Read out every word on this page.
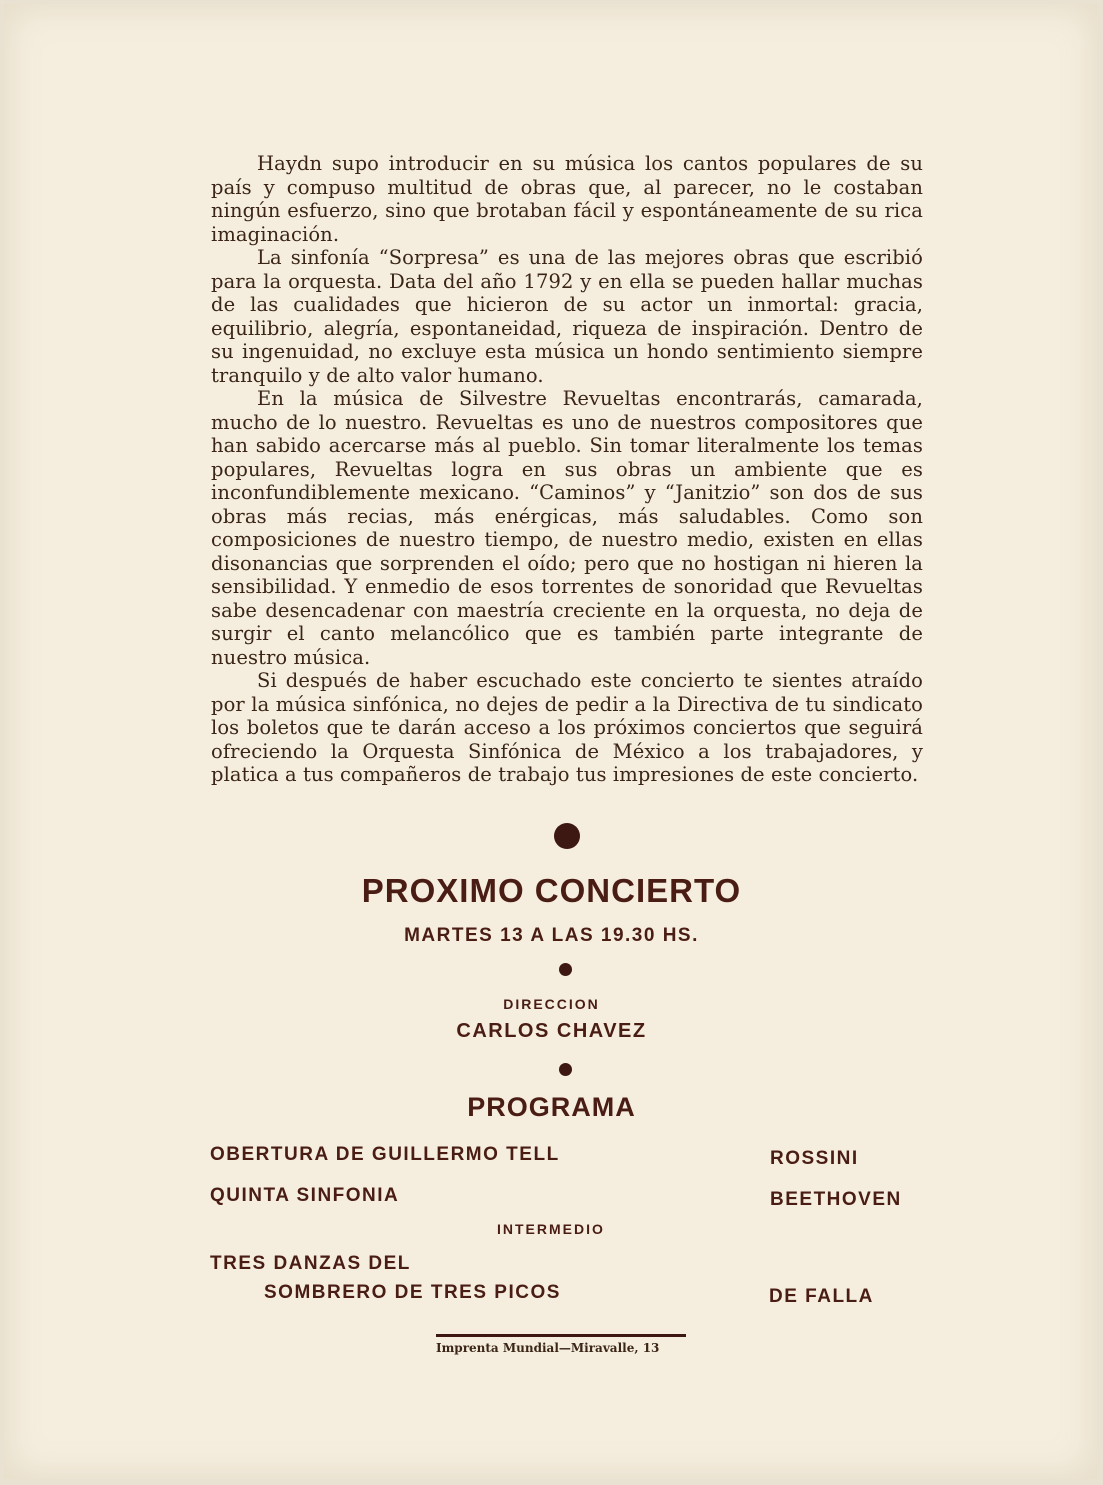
Haydn supo introducir en su música los cantos populares de su país y compuso multitud de obras que, al parecer, no le costaban ningún esfuerzo, sino que brotaban fácil y espontáneamente de su rica imaginación.

La sinfonía “Sorpresa” es una de las mejores obras que escribió para la orquesta. Data del año 1792 y en ella se pueden hallar muchas de las cualidades que hicieron de su actor un inmortal: gracia, equilibrio, alegría, espontaneidad, riqueza de inspiración. Dentro de su ingenuidad, no excluye esta música un hondo sentimiento siempre tranquilo y de alto valor humano.

En la música de Silvestre Revueltas encontrarás, camarada, mucho de lo nuestro. Revueltas es uno de nuestros compositores que han sabido acercarse más al pueblo. Sin tomar literalmente los temas populares, Revueltas logra en sus obras un ambiente que es inconfundiblemente mexicano. “Caminos” y “Janitzio” son dos de sus obras más recias, más enérgicas, más saludables. Como son composiciones de nuestro tiempo, de nuestro medio, existen en ellas disonancias que sorprenden el oído; pero que no hostigan ni hieren la sensibilidad. Y enmedio de esos torrentes de sonoridad que Revueltas sabe desencadenar con maestría creciente en la orquesta, no deja de surgir el canto melancólico que es también parte integrante de nuestro música.

Si después de haber escuchado este concierto te sientes atraído por la música sinfónica, no dejes de pedir a la Directiva de tu sindicato los boletos que te darán acceso a los próximos conciertos que seguirá ofreciendo la Orquesta Sinfónica de México a los trabajadores, y platica a tus compañeros de trabajo tus impresiones de este concierto.

PROXIMO CONCIERTO
MARTES 13 A LAS 19.30 HS.
DIRECCION
CARLOS CHAVEZ
PROGRAMA
OBERTURA DE GUILLERMO TELL	ROSSINI
QUINTA SINFONIA	BEETHOVEN
INTERMEDIO
TRES DANZAS DEL
SOMBRERO DE TRES PICOS	DE FALLA
Imprenta Mundial—Miravalle, 13
